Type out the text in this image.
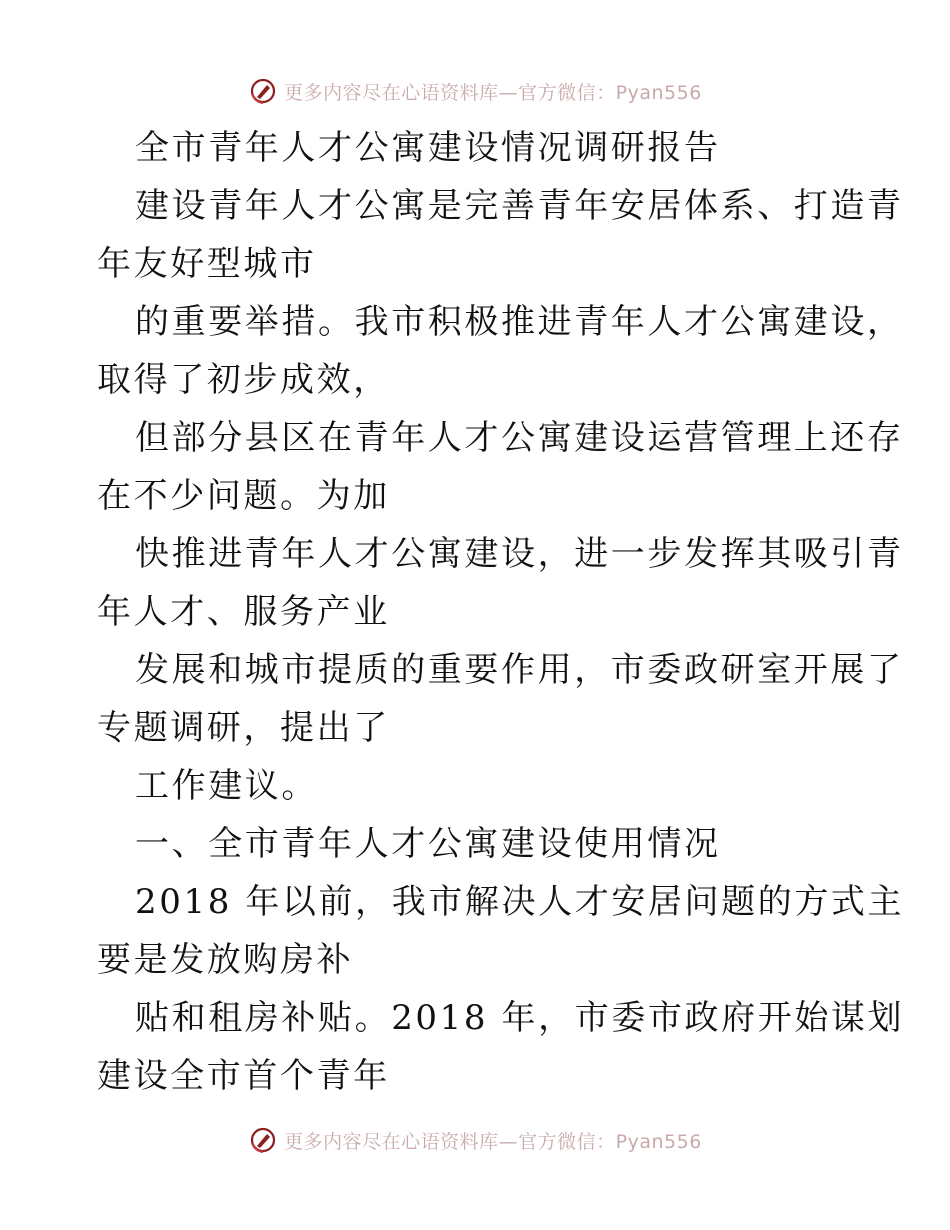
更多内容尽在心语资料库—官方微信：Pyan556
全市青年人才公寓建设情况调研报告
建设青年人才公寓是完善青年安居体系、打造青
年友好型城市
的重要举措。我市积极推进青年人才公寓建设，
取得了初步成效，
但部分县区在青年人才公寓建设运营管理上还存
在不少问题。为加
快推进青年人才公寓建设，进一步发挥其吸引青
年人才、服务产业
发展和城市提质的重要作用，市委政研室开展了
专题调研，提出了
工作建议。
一、全市青年人才公寓建设使用情况
2018 年以前，我市解决人才安居问题的方式主
要是发放购房补
贴和租房补贴。2018 年，市委市政府开始谋划
建设全市首个青年
更多内容尽在心语资料库—官方微信：Pyan556
